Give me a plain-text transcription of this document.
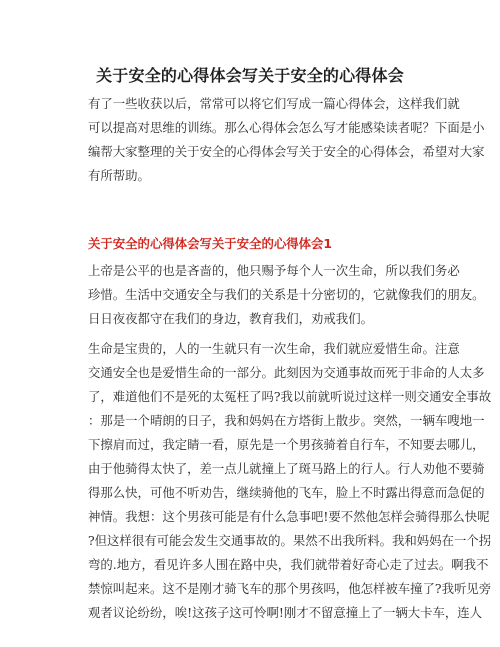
关于安全的心得体会写关于安全的心得体会
有了一些收获以后，常常可以将它们写成一篇心得体会，这样我们就
可以提高对思维的训练。那么心得体会怎么写才能感染读者呢？下面是小
编帮大家整理的关于安全的心得体会写关于安全的心得体会，希望对大家
有所帮助。
关于安全的心得体会写关于安全的心得体会1
上帝是公平的也是吝啬的，他只赐予每个人一次生命，所以我们务必
珍惜。生活中交通安全与我们的关系是十分密切的，它就像我们的朋友。
日日夜夜都守在我们的身边，教育我们，劝戒我们。
生命是宝贵的，人的一生就只有一次生命，我们就应爱惜生命。注意
交通安全也是爱惜生命的一部分。此刻因为交通事故而死于非命的人太多
了，难道他们不是死的太冤枉了吗?我以前就听说过这样一则交通安全事故
：那是一个晴朗的日子，我和妈妈在方塔街上散步。突然，一辆车嗖地一
下擦肩而过，我定睛一看，原先是一个男孩骑着自行车，不知要去哪儿，
由于他骑得太快了，差一点儿就撞上了斑马路上的行人。行人劝他不要骑
得那么快，可他不听劝告，继续骑他的飞车，脸上不时露出得意而急促的
神情。我想：这个男孩可能是有什么急事吧!要不然他怎样会骑得那么快呢
?但这样很有可能会发生交通事故的。果然不出我所料。我和妈妈在一个拐
弯的.地方，看见许多人围在路中央，我们就带着好奇心走了过去。啊我不
禁惊叫起来。这不是刚才骑飞车的那个男孩吗，他怎样被车撞了?我听见旁
观者议论纷纷，唉!这孩子这可怜啊!刚才不留意撞上了一辆大卡车，连人
